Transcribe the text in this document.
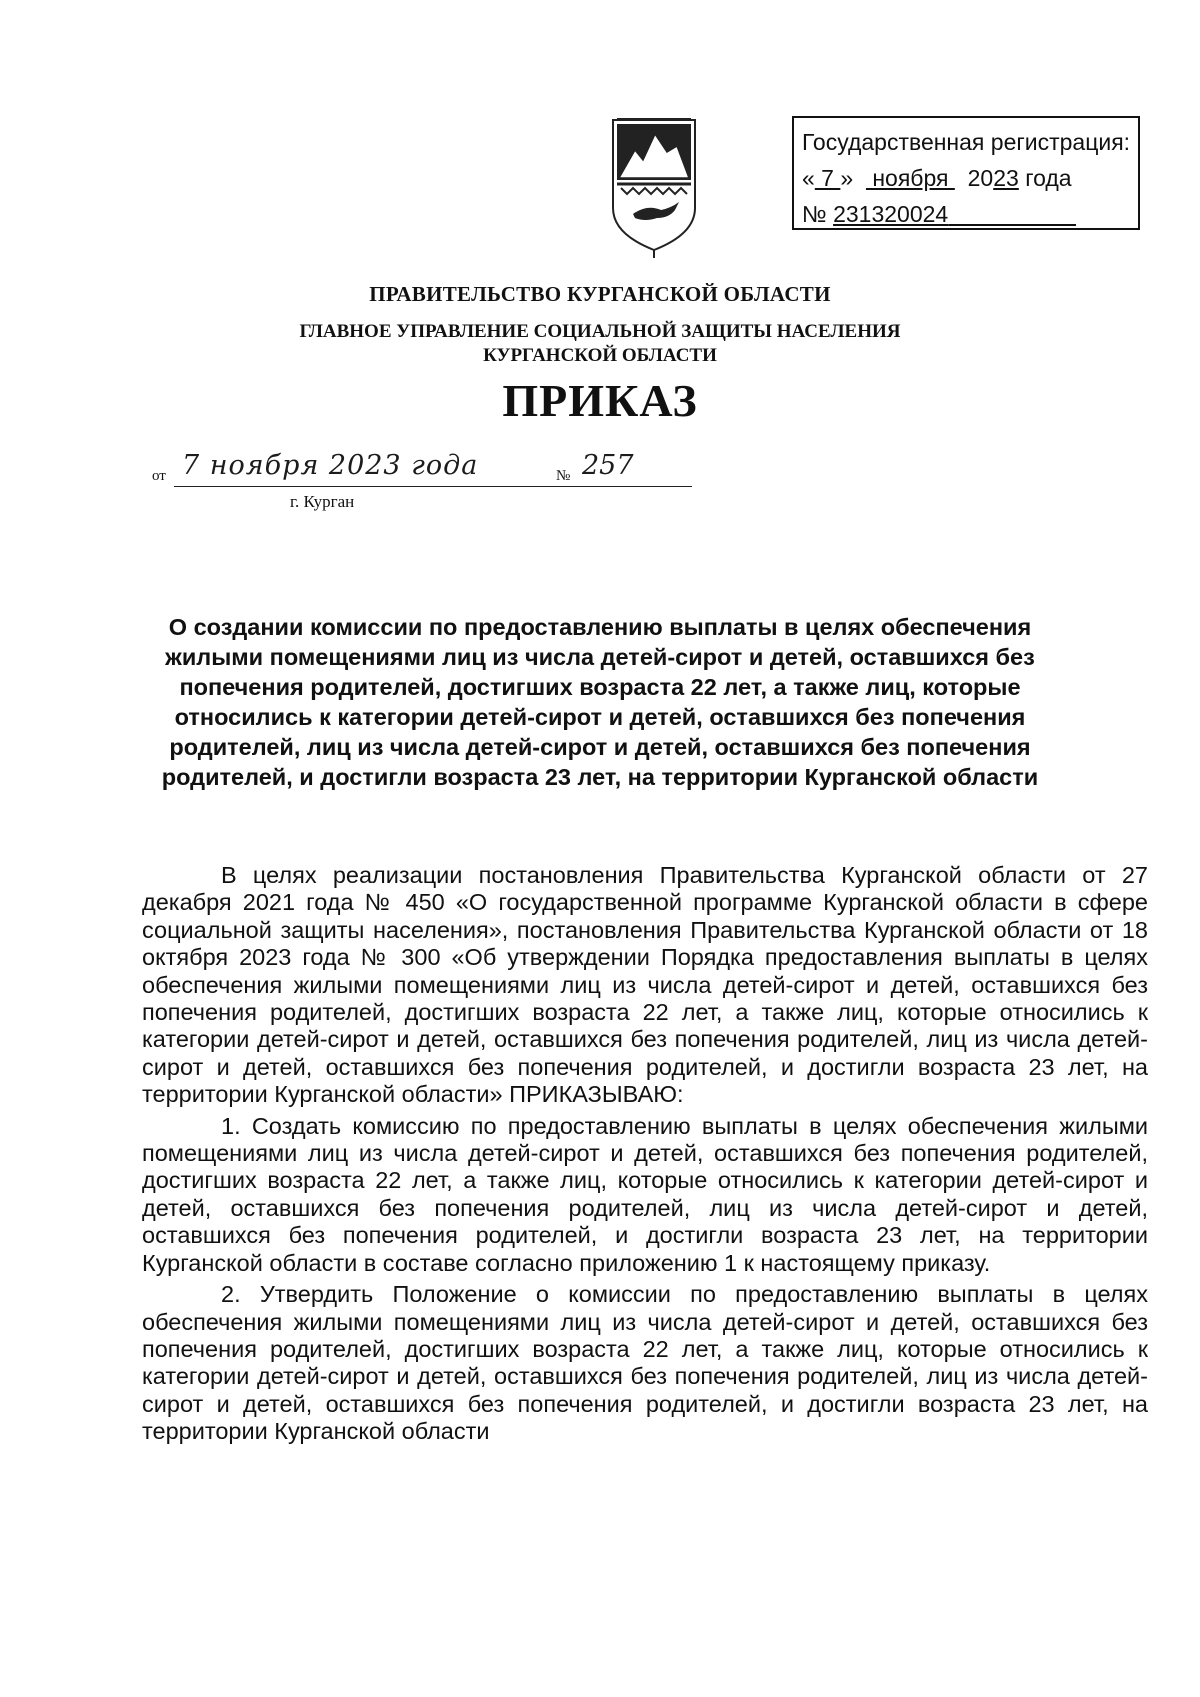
Государственная регистрация:
« 7 »   ноября   2023 года
№ 231320024
ПРАВИТЕЛЬСТВО КУРГАНСКОЙ ОБЛАСТИ
ГЛАВНОЕ УПРАВЛЕНИЕ СОЦИАЛЬНОЙ ЗАЩИТЫ НАСЕЛЕНИЯ
КУРГАНСКОЙ ОБЛАСТИ
ПРИКАЗ
от 7 ноября 2023 года	№ 257
г. Курган
О создании комиссии по предоставлению выплаты в целях обеспечения жилыми помещениями лиц из числа детей-сирот и детей, оставшихся без попечения родителей, достигших возраста 22 лет, а также лиц, которые относились к категории детей-сирот и детей, оставшихся без попечения родителей, лиц из числа детей-сирот и детей, оставшихся без попечения родителей, и достигли возраста 23 лет, на территории Курганской области

В целях реализации постановления Правительства Курганской области от 27 декабря 2021 года № 450 «О государственной программе Курганской области в сфере социальной защиты населения», постановления Правительства Курганской области от 18 октября 2023 года № 300 «Об утверждении Порядка предоставления выплаты в целях обеспечения жилыми помещениями лиц из числа детей-сирот и детей, оставшихся без попечения родителей, достигших возраста 22 лет, а также лиц, которые относились к категории детей-сирот и детей, оставшихся без попечения родителей, лиц из числа детей-сирот и детей, оставшихся без попечения родителей, и достигли возраста 23 лет, на территории Курганской области» ПРИКАЗЫВАЮ:

1. Создать комиссию по предоставлению выплаты в целях обеспечения жилыми помещениями лиц из числа детей-сирот и детей, оставшихся без попечения родителей, достигших возраста 22 лет, а также лиц, которые относились к категории детей-сирот и детей, оставшихся без попечения родителей, лиц из числа детей-сирот и детей, оставшихся без попечения родителей, и достигли возраста 23 лет, на территории Курганской области в составе согласно приложению 1 к настоящему приказу.

2. Утвердить Положение о комиссии по предоставлению выплаты в целях обеспечения жилыми помещениями лиц из числа детей-сирот и детей, оставшихся без попечения родителей, достигших возраста 22 лет, а также лиц, которые относились к категории детей-сирот и детей, оставшихся без попечения родителей, лиц из числа детей-сирот и детей, оставшихся без попечения родителей, и достигли возраста 23 лет, на территории Курганской области
